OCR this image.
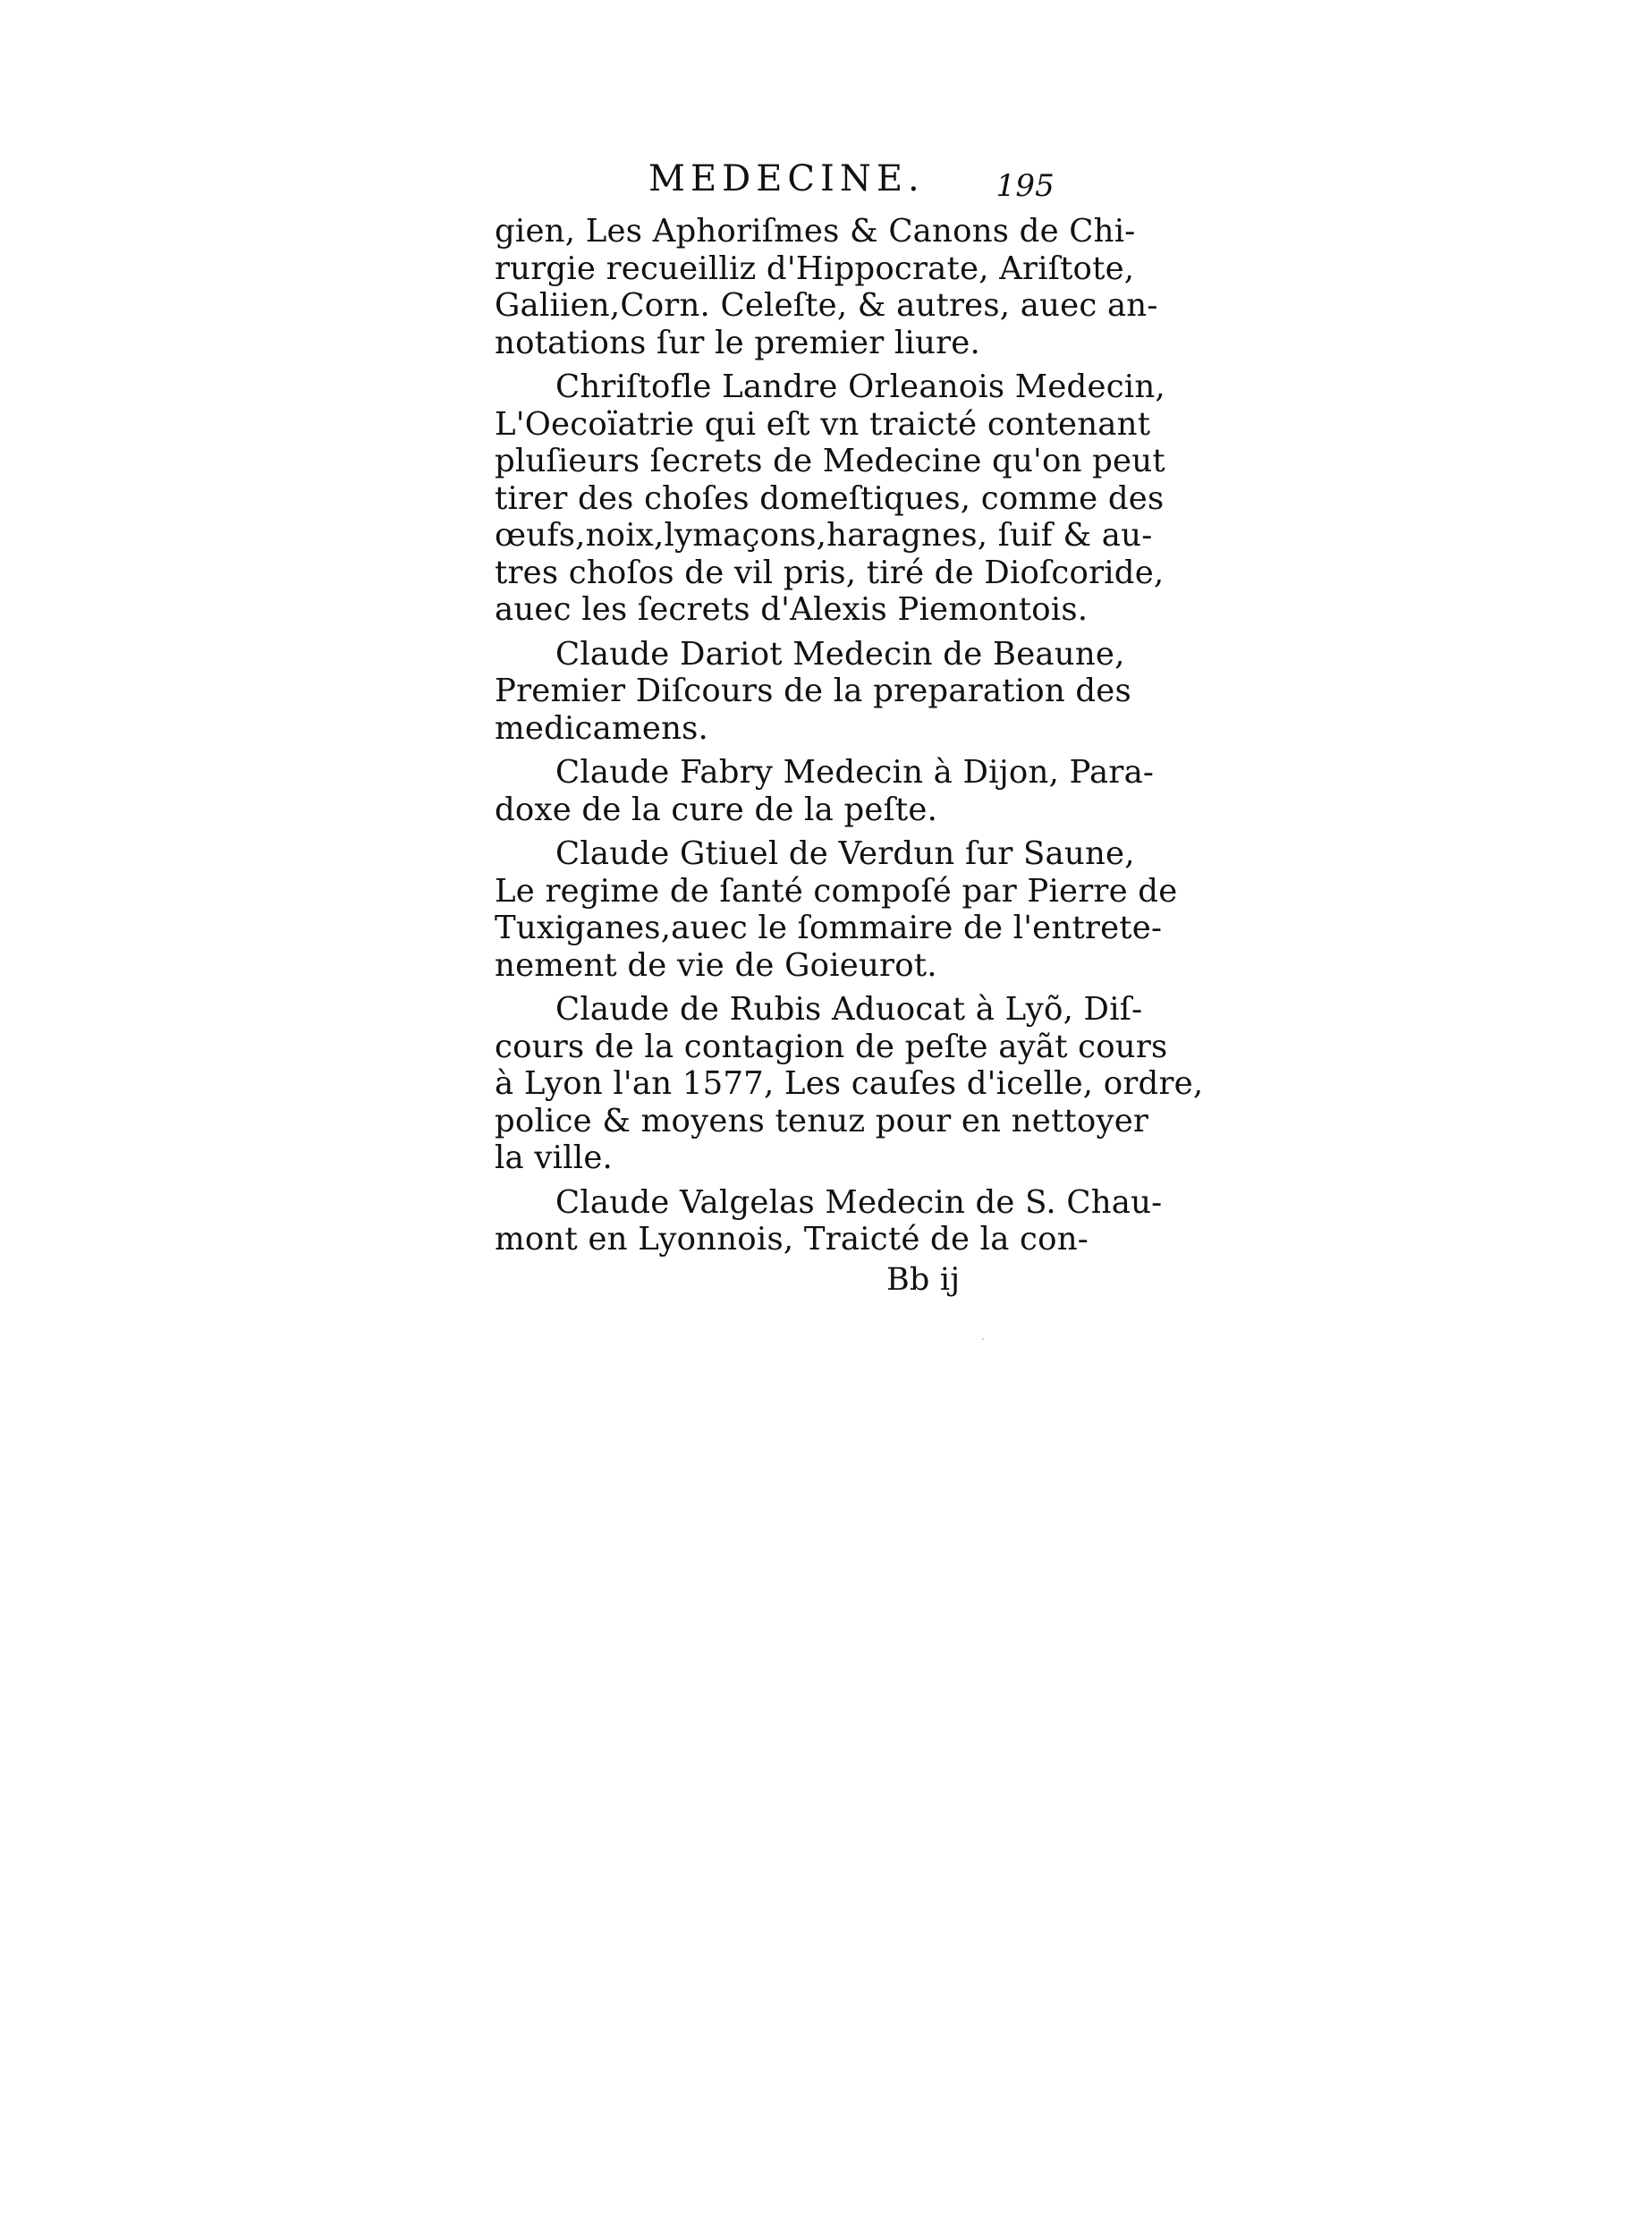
MEDECINE. 195
gien, Les Aphoriſmes & Canons de Chi-
rurgie recueilliz d'Hippocrate, Ariſtote,
Galiien,Corn. Celeſte, & autres, auec an-
notations ſur le premier liure.
Chriſtofle Landre Orleanois Medecin,
L'Oecoïatrie qui eſt vn traicté contenant
pluſieurs ſecrets de Medecine qu'on peut
tirer des choſes domeſtiques, comme des
œufs,noix,lymaçons,haragnes, ſuif & au-
tres choſos de vil pris, tiré de Dioſcoride,
auec les ſecrets d'Alexis Piemontois.
Claude Dariot Medecin de Beaune,
Premier Diſcours de la preparation des
medicamens.
Claude Fabry Medecin à Dijon, Para-
doxe de la cure de la peſte.
Claude Gtiuel de Verdun ſur Saune,
Le regime de ſanté compoſé par Pierre de
Tuxiganes,auec le ſommaire de l'entrete-
nement de vie de Goieurot.
Claude de Rubis Aduocat à Lyõ, Diſ-
cours de la contagion de peſte ayãt cours
à Lyon l'an 1577, Les cauſes d'icelle, ordre,
police & moyens tenuz pour en nettoyer
la ville.
Claude Valgelas Medecin de S. Chau-
mont en Lyonnois, Traicté de la con-
Bb ij
